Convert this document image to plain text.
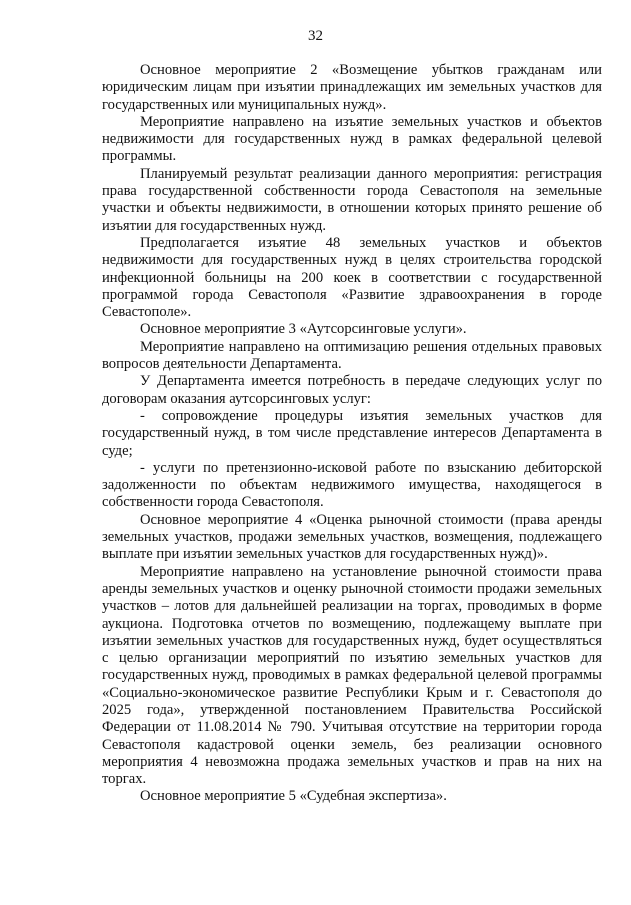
32

Основное мероприятие 2 «Возмещение убытков гражданам или юридическим лицам при изъятии принадлежащих им земельных участков для государственных или муниципальных нужд».

Мероприятие направлено на изъятие земельных участков и объектов недвижимости для государственных нужд в рамках федеральной целевой программы.

Планируемый результат реализации данного мероприятия: регистрация права государственной собственности города Севастополя на земельные участки и объекты недвижимости, в отношении которых принято решение об изъятии для государственных нужд.

Предполагается изъятие 48 земельных участков и объектов недвижимости для государственных нужд в целях строительства городской инфекционной больницы на 200 коек в соответствии с государственной программой города Севастополя «Развитие здравоохранения в городе Севастополе».

Основное мероприятие 3 «Аутсорсинговые услуги».

Мероприятие направлено на оптимизацию решения отдельных правовых вопросов деятельности Департамента.

У Департамента имеется потребность в передаче следующих услуг по договорам оказания аутсорсинговых услуг:

- сопровождение процедуры изъятия земельных участков для государственный нужд, в том числе представление интересов Департамента в суде;

- услуги по претензионно-исковой работе по взысканию дебиторской задолженности по объектам недвижимого имущества, находящегося в собственности города Севастополя.

Основное мероприятие 4 «Оценка рыночной стоимости (права аренды земельных участков, продажи земельных участков, возмещения, подлежащего выплате при изъятии земельных участков для государственных нужд)».

Мероприятие направлено на установление рыночной стоимости права аренды земельных участков и оценку рыночной стоимости продажи земельных участков – лотов для дальнейшей реализации на торгах, проводимых в форме аукциона. Подготовка отчетов по возмещению, подлежащему выплате при изъятии земельных участков для государственных нужд, будет осуществляться с целью организации мероприятий по изъятию земельных участков для государственных нужд, проводимых в рамках федеральной целевой программы «Социально-экономическое развитие Республики Крым и г. Севастополя до 2025 года», утвержденной постановлением Правительства Российской Федерации от 11.08.2014 № 790. Учитывая отсутствие на территории города Севастополя кадастровой оценки земель, без реализации основного мероприятия 4 невозможна продажа земельных участков и прав на них на торгах.

Основное мероприятие 5 «Судебная экспертиза».
